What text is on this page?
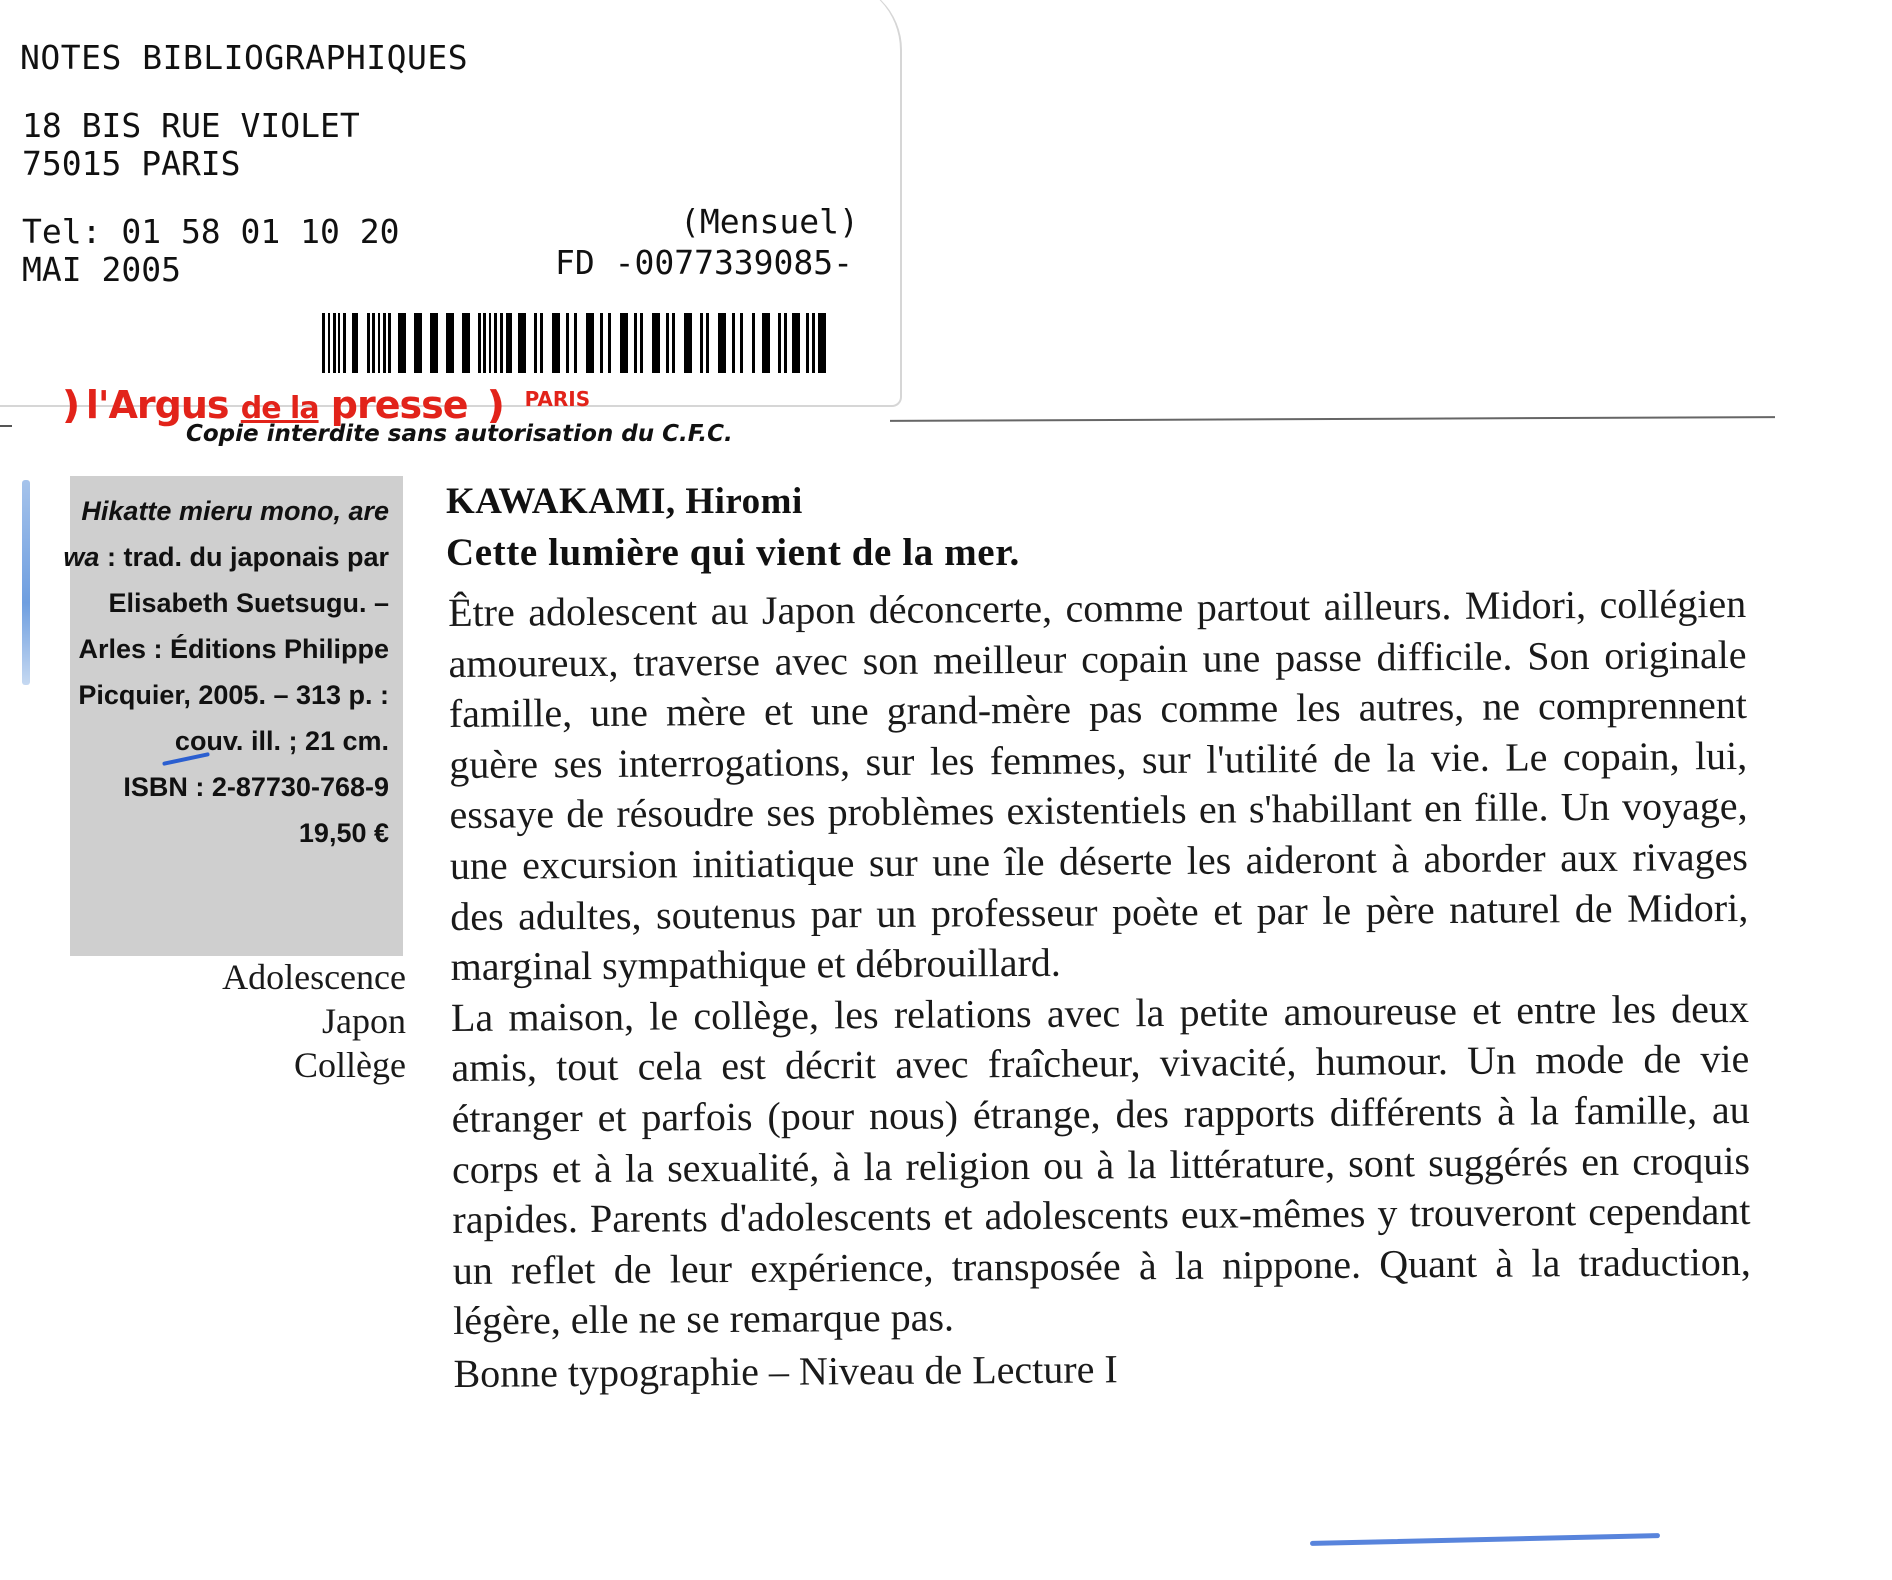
NOTES BIBLIOGRAPHIQUES
18 BIS RUE VIOLET
75015 PARIS
Tel: 01 58 01 10 20
MAI 2005
(Mensuel)
FD -0077339085-
❫l'Argus de la presse ❫ $^{PARIS}$
Copie interdite sans autorisation du C.F.C.
Hikatte mieru mono, are wa : trad. du japonais par Elisabeth Suetsugu. – Arles : Éditions Philippe Picquier, 2005. – 313 p. : couv. ill. ; 21 cm.
ISBN : 2-87730-768-9
19,50 €
Adolescence
Japon
Collège
KAWAKAMI, Hiromi
Cette lumière qui vient de la mer.

Être adolescent au Japon déconcerte, comme partout ailleurs. Midori, collégien amoureux, traverse avec son meilleur copain une passe difficile. Son originale famille, une mère et une grand-mère pas comme les autres, ne comprennent guère ses interrogations, sur les femmes, sur l'utilité de la vie. Le copain, lui, essaye de résoudre ses problèmes existentiels en s'habillant en fille. Un voyage, une excursion initiatique sur une île déserte les aideront à aborder aux rivages des adultes, soutenus par un professeur poète et par le père naturel de Midori, marginal sympathique et débrouillard.

La maison, le collège, les relations avec la petite amoureuse et entre les deux amis, tout cela est décrit avec fraîcheur, vivacité, humour. Un mode de vie étranger et parfois (pour nous) étrange, des rapports différents à la famille, au corps et à la sexualité, à la religion ou à la littérature, sont suggérés en croquis rapides. Parents d'adolescents et adolescents eux-mêmes y trouveront cependant un reflet de leur expérience, transposée à la nippone. Quant à la traduction, légère, elle ne se remarque pas.

Bonne typographie – Niveau de Lecture I
